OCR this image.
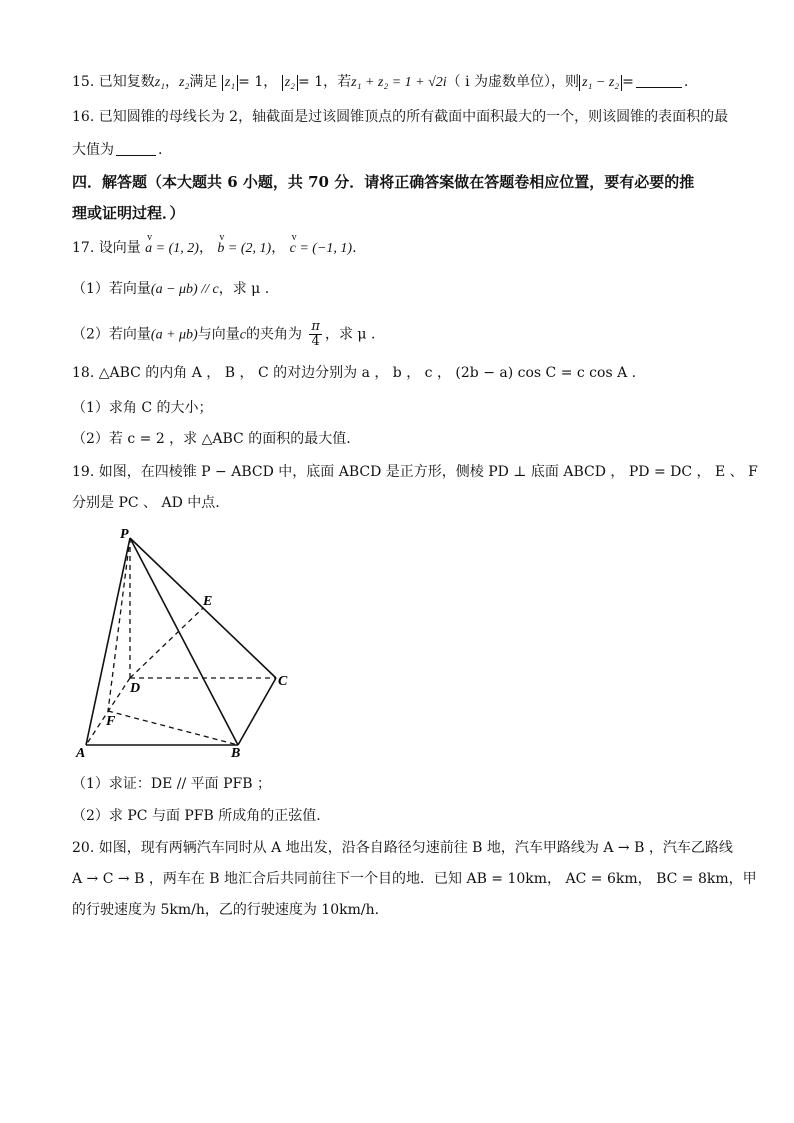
15. 已知复数z₁，z₂满足 z₁ = 1， z₂ = 1，若z₁ + z₂ = 1 + √2i（ i 为虚数单位），则 z₁ − z₂ =	.
16. 已知圆锥的母线长为 2，轴截面是过该圆锥顶点的所有截面中面积最大的一个，则该圆锥的表面积的最
大值为	.
四．解答题（本大题共 6 小题，共 70 分．请将正确答案做在答题卷相应位置，要有必要的推
理或证明过程．）
17. 设向量 v a = (1, 2)， v b = (2, 1)， v c = (−1, 1).
（1）若向量(a − μb) // c，求 μ .
（2）若向量(a + μb)与向量c的夹角为 $\frac{\pi}{4}$ ，求 μ .
18. △ABC 的内角 A ， B ， C 的对边分别为 a ， b ， c ， (2b − a) cos C = c cos A .
（1）求角 C 的大小；
（2）若 c = 2 ，求 △ABC 的面积的最大值.
19. 如图，在四棱锥 P − ABCD 中，底面 ABCD 是正方形，侧棱 PD ⊥ 底面 ABCD ， PD = DC ， E 、 F
分别是 PC 、 AD 中点.
P
E
C
D
F
A	B
（1）求证：DE // 平面 PFB ；
（2）求 PC 与面 PFB 所成角的正弦值.
20. 如图，现有两辆汽车同时从 A 地出发，沿各自路径匀速前往 B 地，汽车甲路线为 A → B ，汽车乙路线
A → C → B ，两车在 B 地汇合后共同前往下一个目的地．已知 AB = 10km， AC = 6km， BC = 8km，甲
的行驶速度为 5km/h，乙的行驶速度为 10km/h.
